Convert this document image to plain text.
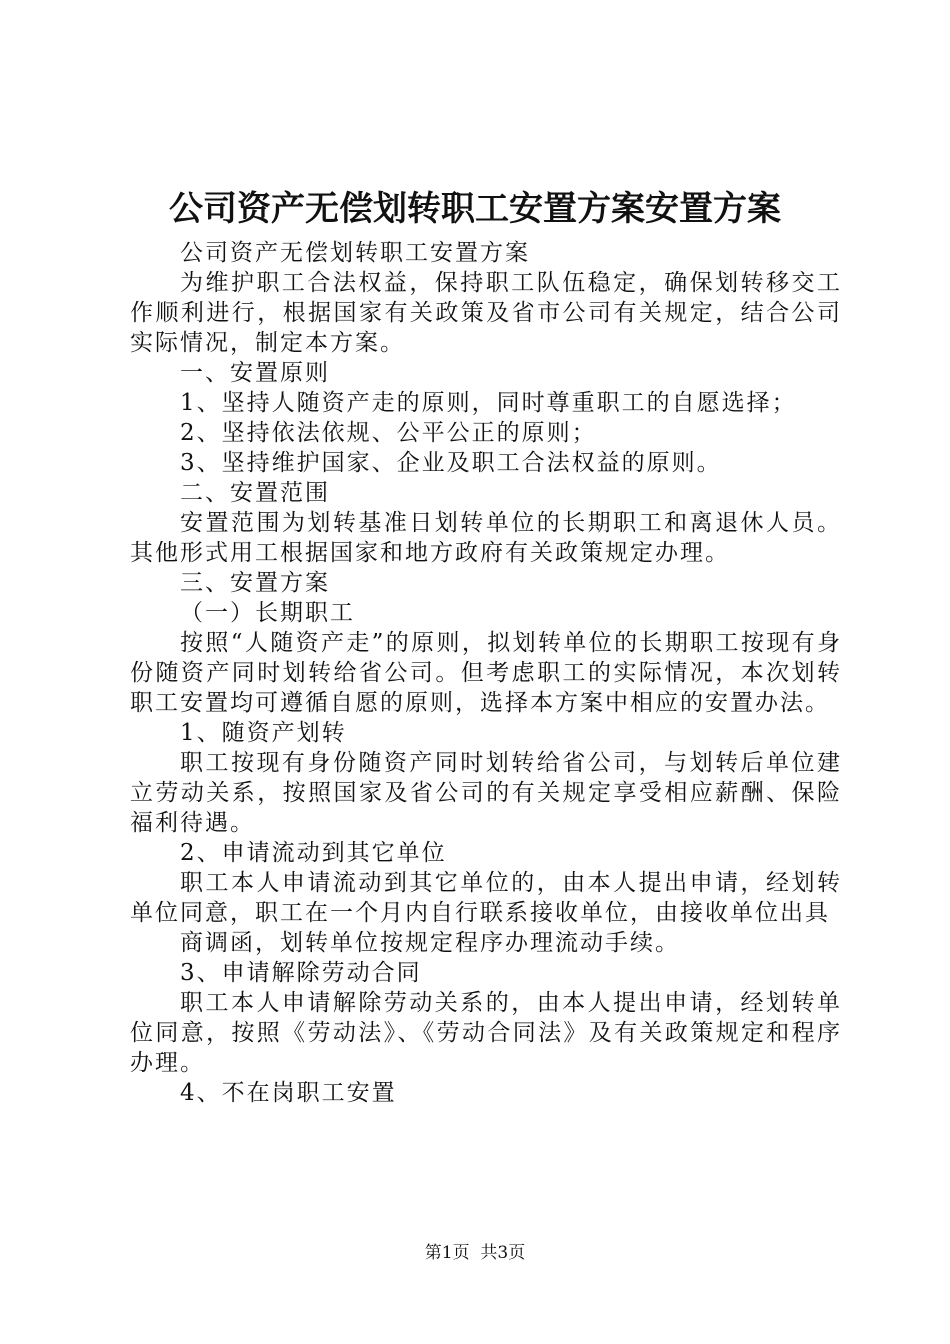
公司资产无偿划转职工安置方案安置方案

公司资产无偿划转职工安置方案

为维护职工合法权益，保持职工队伍稳定，确保划转移交工作顺利进行，根据国家有关政策及省市公司有关规定，结合公司实际情况，制定本方案。

一、安置原则

1、坚持人随资产走的原则，同时尊重职工的自愿选择；

2、坚持依法依规、公平公正的原则；

3、坚持维护国家、企业及职工合法权益的原则。

二、安置范围

安置范围为划转基准日划转单位的长期职工和离退休人员。其他形式用工根据国家和地方政府有关政策规定办理。

三、安置方案

（一）长期职工

按照“人随资产走”的原则，拟划转单位的长期职工按现有身份随资产同时划转给省公司。但考虑职工的实际情况，本次划转职工安置均可遵循自愿的原则，选择本方案中相应的安置办法。

1、随资产划转

职工按现有身份随资产同时划转给省公司，与划转后单位建立劳动关系，按照国家及省公司的有关规定享受相应薪酬、保险福利待遇。

2、申请流动到其它单位

职工本人申请流动到其它单位的，由本人提出申请，经划转单位同意，职工在一个月内自行联系接收单位，由接收单位出具

商调函，划转单位按规定程序办理流动手续。

3、申请解除劳动合同

职工本人申请解除劳动关系的，由本人提出申请，经划转单位同意，按照《劳动法》、《劳动合同法》及有关政策规定和程序办理。

4、不在岗职工安置

第1页  共3页
